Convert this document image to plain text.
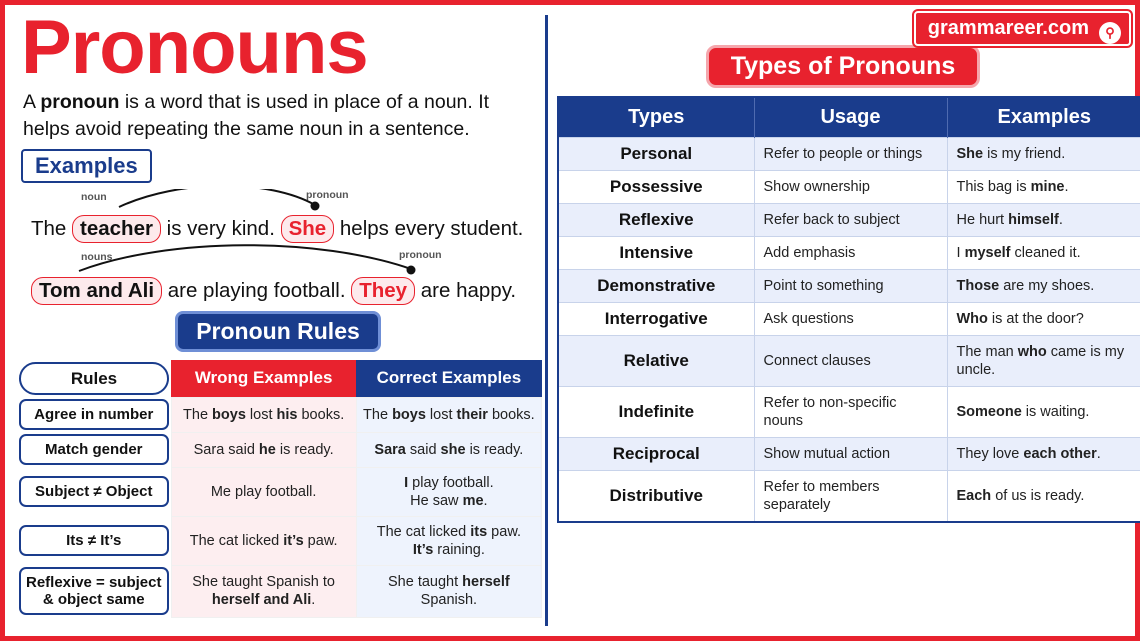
Pronouns

A pronoun is a word that is used in place of a noun. It helps avoid repeating the same noun in a sentence.

Examples
noun	pronoun
The teacher is very kind. She helps every student.
nouns	pronoun
Tom and Ali are playing football. They are happy.
Pronoun Rules
Rules	Wrong Examples	Correct Examples

Agree in number	The boys lost his books.	The boys lost their books.

Match gender	Sara said he is ready.	Sara said she is ready.

Subject ≠ Object	Me play football.	I play football.
He saw me.

Its ≠ It’s	The cat licked it’s paw.	The cat licked its paw.
It’s raining.

Reflexive = subject & object same	She taught Spanish to herself and Ali.	She taught herself Spanish.
grammareer.com	⚲
Types of Pronouns
Types	Usage	Examples
Personal	Refer to people or things	She is my friend.
Possessive	Show ownership	This bag is mine.
Reflexive	Refer back to subject	He hurt himself.
Intensive	Add emphasis	I myself cleaned it.
Demonstrative	Point to something	Those are my shoes.
Interrogative	Ask questions	Who is at the door?
Relative	Connect clauses	The man who came is my uncle.
Indefinite	Refer to non-specific nouns	Someone is waiting.
Reciprocal	Show mutual action	They love each other.
Distributive	Refer to members separately	Each of us is ready.
